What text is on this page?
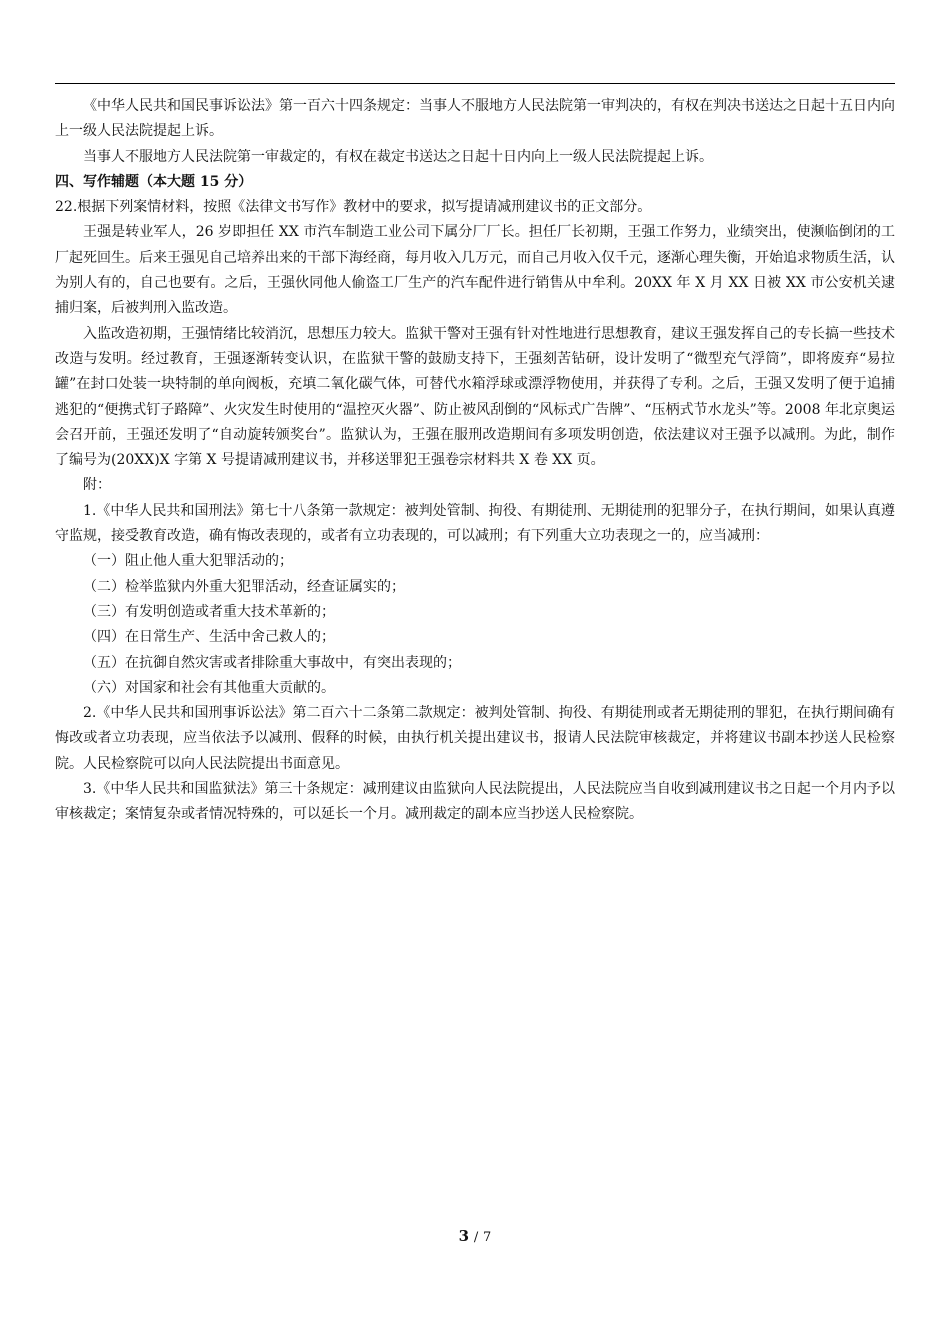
《中华人民共和国民事诉讼法》第一百六十四条规定：当事人不服地方人民法院第一审判决的，有权在判决书送达之日起十五日内向上一级人民法院提起上诉。

当事人不服地方人民法院第一审裁定的，有权在裁定书送达之日起十日内向上一级人民法院提起上诉。

四、写作辅题（本大题 15 分）

22.根据下列案情材料，按照《法律文书写作》教材中的要求，拟写提请减刑建议书的正文部分。

王强是转业军人，26 岁即担任 XX 市汽车制造工业公司下属分厂厂长。担任厂长初期，王强工作努力，业绩突出，使濒临倒闭的工厂起死回生。后来王强见自己培养出来的干部下海经商，每月收入几万元，而自己月收入仅千元，逐渐心理失衡，开始追求物质生活，认为别人有的，自己也要有。之后，王强伙同他人偷盗工厂生产的汽车配件进行销售从中牟利。20XX 年 X 月 XX 日被 XX 市公安机关逮捕归案，后被判刑入监改造。

入监改造初期，王强情绪比较消沉，思想压力较大。监狱干警对王强有针对性地进行思想教育，建议王强发挥自己的专长搞一些技术改造与发明。经过教育，王强逐渐转变认识，在监狱干警的鼓励支持下，王强刻苦钻研，设计发明了“微型充气浮筒”，即将废弃“易拉罐”在封口处装一块特制的单向阀板，充填二氧化碳气体，可替代水箱浮球或漂浮物使用，并获得了专利。之后，王强又发明了便于追捕逃犯的“便携式钉子路障”、火灾发生时使用的“温控灭火器”、防止被风刮倒的“风标式广告牌”、“压柄式节水龙头”等。2008 年北京奥运会召开前，王强还发明了“自动旋转颁奖台”。监狱认为，王强在服刑改造期间有多项发明创造，依法建议对王强予以减刑。为此，制作了编号为(20XX)X 字第 X 号提请减刑建议书，并移送罪犯王强卷宗材料共 X 卷 XX 页。

附：

1.《中华人民共和国刑法》第七十八条第一款规定：被判处管制、拘役、有期徒刑、无期徒刑的犯罪分子，在执行期间，如果认真遵守监规，接受教育改造，确有悔改表现的，或者有立功表现的，可以减刑；有下列重大立功表现之一的，应当减刑：

（一）阻止他人重大犯罪活动的；

（二）检举监狱内外重大犯罪活动，经查证属实的；

（三）有发明创造或者重大技术革新的；

（四）在日常生产、生活中舍己救人的；

（五）在抗御自然灾害或者排除重大事故中，有突出表现的；

（六）对国家和社会有其他重大贡献的。

2.《中华人民共和国刑事诉讼法》第二百六十二条第二款规定：被判处管制、拘役、有期徒刑或者无期徒刑的罪犯，在执行期间确有悔改或者立功表现，应当依法予以减刑、假释的时候，由执行机关提出建议书，报请人民法院审核裁定，并将建议书副本抄送人民检察院。人民检察院可以向人民法院提出书面意见。

3.《中华人民共和国监狱法》第三十条规定：减刑建议由监狱向人民法院提出，人民法院应当自收到减刑建议书之日起一个月内予以审核裁定；案情复杂或者情况特殊的，可以延长一个月。减刑裁定的副本应当抄送人民检察院。

3 / 7
